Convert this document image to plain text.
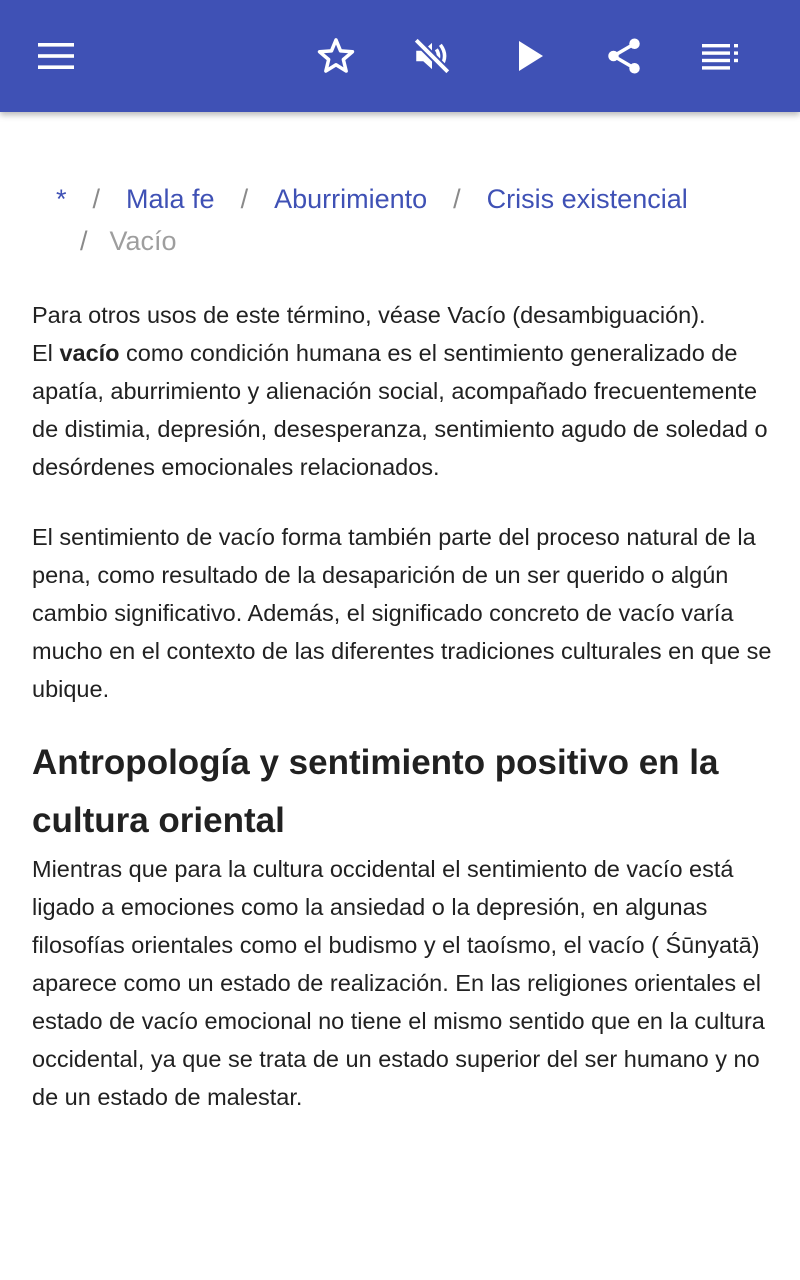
* / Mala fe / Aburrimiento / Crisis existencial
/ Vacío

Para otros usos de este término, véase Vacío (desambiguación).

El vacío como condición humana es el sentimiento generalizado de apatía, aburrimiento y alienación social, acompañado frecuentemente de distimia, depresión, desesperanza, sentimiento agudo de soledad o desórdenes emocionales relacionados.

El sentimiento de vacío forma también parte del proceso natural de la pena, como resultado de la desaparición de un ser querido o algún cambio significativo. Además, el significado concreto de vacío varía mucho en el contexto de las diferentes tradiciones culturales en que se ubique.

Antropología y sentimiento positivo en la cultura oriental

Mientras que para la cultura occidental el sentimiento de vacío está ligado a emociones como la ansiedad o la depresión, en algunas filosofías orientales como el budismo y el taoísmo, el vacío ( Śūnyatā) aparece como un estado de realización. En las religiones orientales el estado de vacío emocional no tiene el mismo sentido que en la cultura occidental, ya que se trata de un estado superior del ser humano y no de un estado de malestar.
